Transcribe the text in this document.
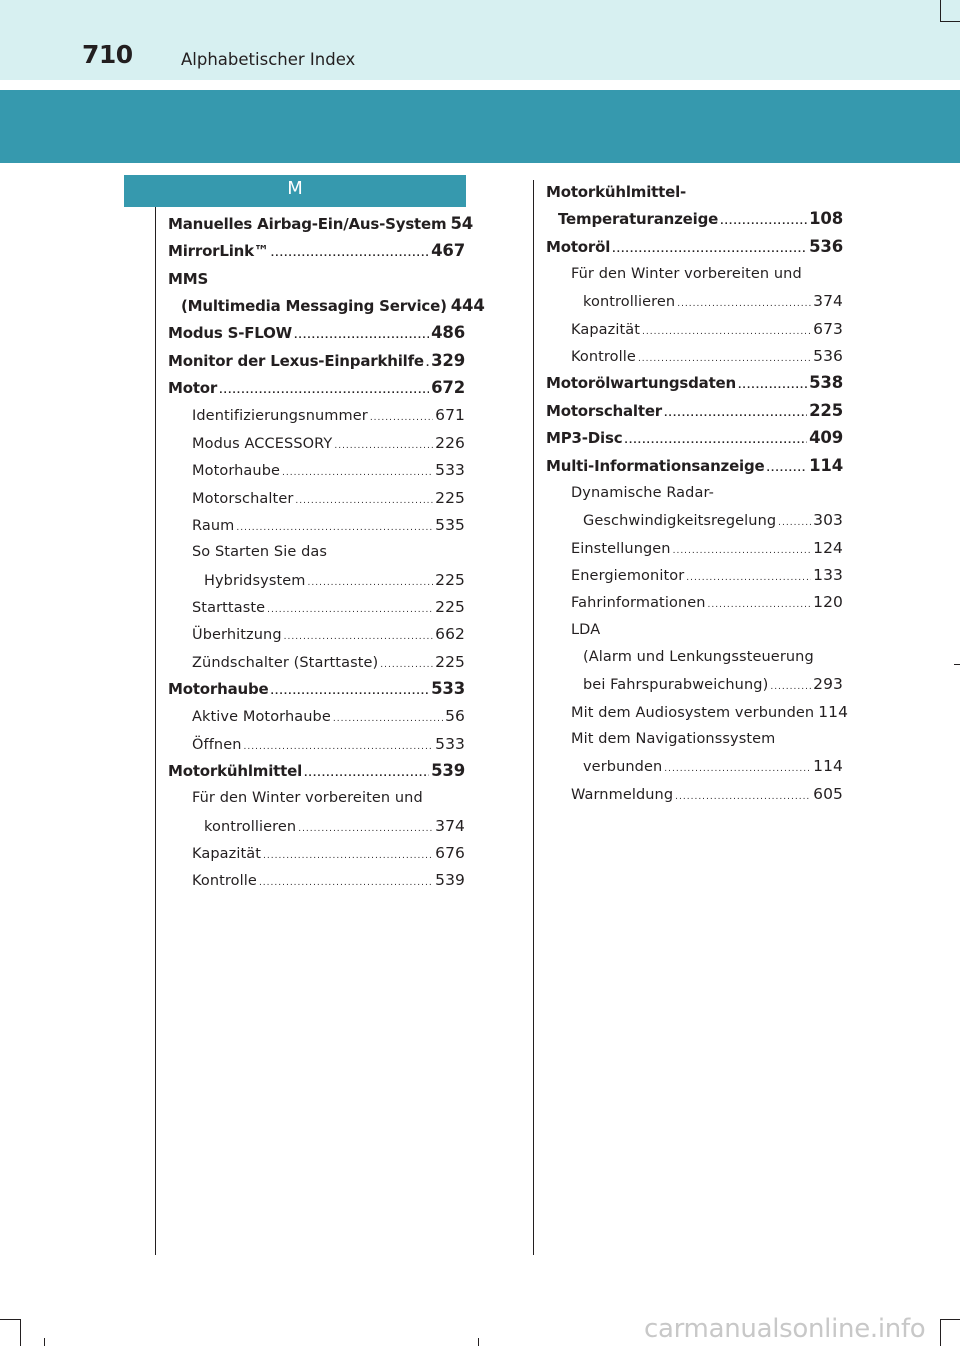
710	Alphabetischer Index
M
Manuelles Airbag-Ein/Aus-System 54
MirrorLink™ .....	467
MMS
(Multimedia Messaging Service) 444
Modus S-FLOW .....	486
Monitor der Lexus-Einparkhilfe ..... 329
Motor .....	672
Identifizierungsnummer .....	671
Modus ACCESSORY .....	226
Motorhaube .....	533
Motorschalter .....	225
Raum .....	535
So Starten Sie das
Hybridsystem .....	225
Starttaste .....	225
Überhitzung .....	662
Zündschalter (Starttaste) .....	225
Motorhaube .....	533
Aktive Motorhaube .....	56
Öffnen .....	533
Motorkühlmittel .....	539
Für den Winter vorbereiten und
kontrollieren .....	374
Kapazität .....	676
Kontrolle .....	539
Motorkühlmittel-
Temperaturanzeige .....	108
Motoröl .....	536
Für den Winter vorbereiten und
kontrollieren .....	374
Kapazität .....	673
Kontrolle .....	536
Motorölwartungsdaten .....	538
Motorschalter .....	225
MP3-Disc .....	409
Multi-Informationsanzeige .....	114
Dynamische Radar-
Geschwindigkeitsregelung ..... 303
Einstellungen .....	124
Energiemonitor .....	133
Fahrinformationen .....	120
LDA
(Alarm und Lenkungssteuerung
bei Fahrspurabweichung) .....	293
Mit dem Audiosystem verbunden 114
Mit dem Navigationssystem
verbunden .....	114
Warnmeldung .....	605
carmanualsonline.info
